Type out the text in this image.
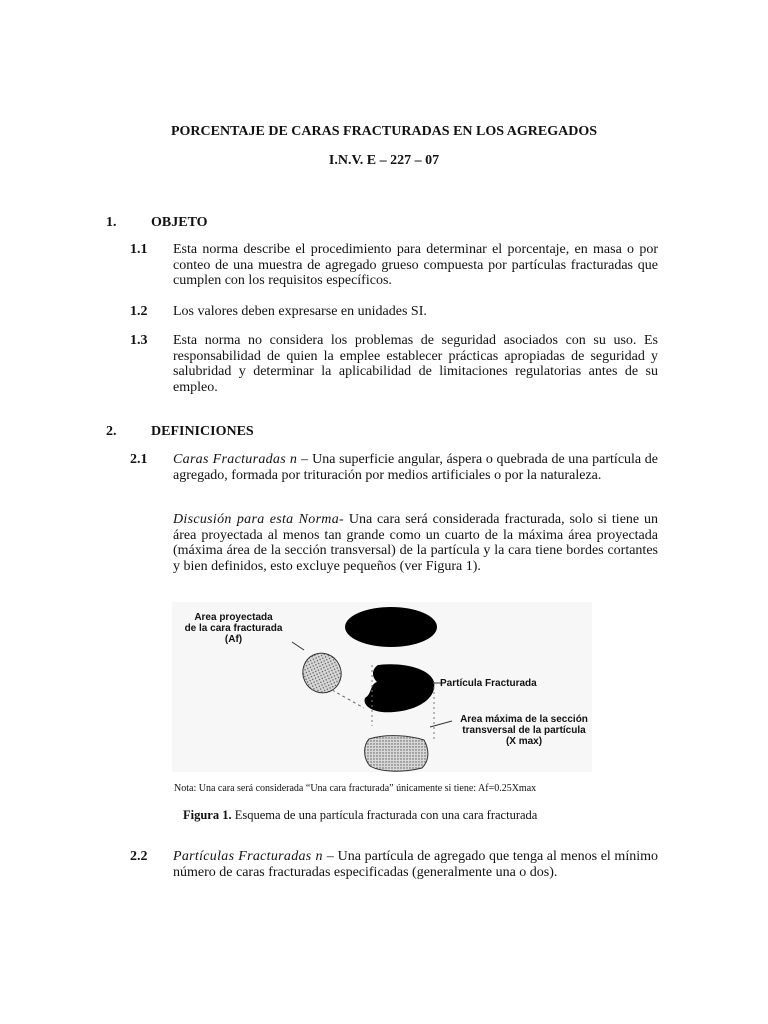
PORCENTAJE DE CARAS FRACTURADAS EN LOS AGREGADOS
I.N.V. E – 227 – 07
1. OBJETO
1.1 Esta norma describe el procedimiento para determinar el porcentaje, en masa o por conteo de una muestra de agregado grueso compuesta por partículas fracturadas que cumplen con los requisitos específicos.
1.2 Los valores deben expresarse en unidades SI.
1.3 Esta norma no considera los problemas de seguridad asociados con su uso. Es responsabilidad de quien la emplee establecer prácticas apropiadas de seguridad y salubridad y determinar la aplicabilidad de limitaciones regulatorias antes de su empleo.
2. DEFINICIONES
2.1 Caras Fracturadas n – Una superficie angular, áspera o quebrada de una partícula de agregado, formada por trituración por medios artificiales o por la naturaleza.
Discusión para esta Norma- Una cara será considerada fracturada, solo si tiene un área proyectada al menos tan grande como un cuarto de la máxima área proyectada (máxima área de la sección transversal) de la partícula y la cara tiene bordes cortantes y bien definidos, esto excluye pequeños (ver Figura 1).
Area proyectada
de la cara fracturada
(Af)
Partícula Fracturada
Area máxima de la sección
transversal de la partícula
(X max)
Nota: Una cara será considerada “Una cara fracturada” únicamente si tiene: Af=0.25Xmax
Figura 1. Esquema de una partícula fracturada con una cara fracturada
2.2 Partículas Fracturadas n – Una partícula de agregado que tenga al menos el mínimo número de caras fracturadas especificadas (generalmente una o dos).
